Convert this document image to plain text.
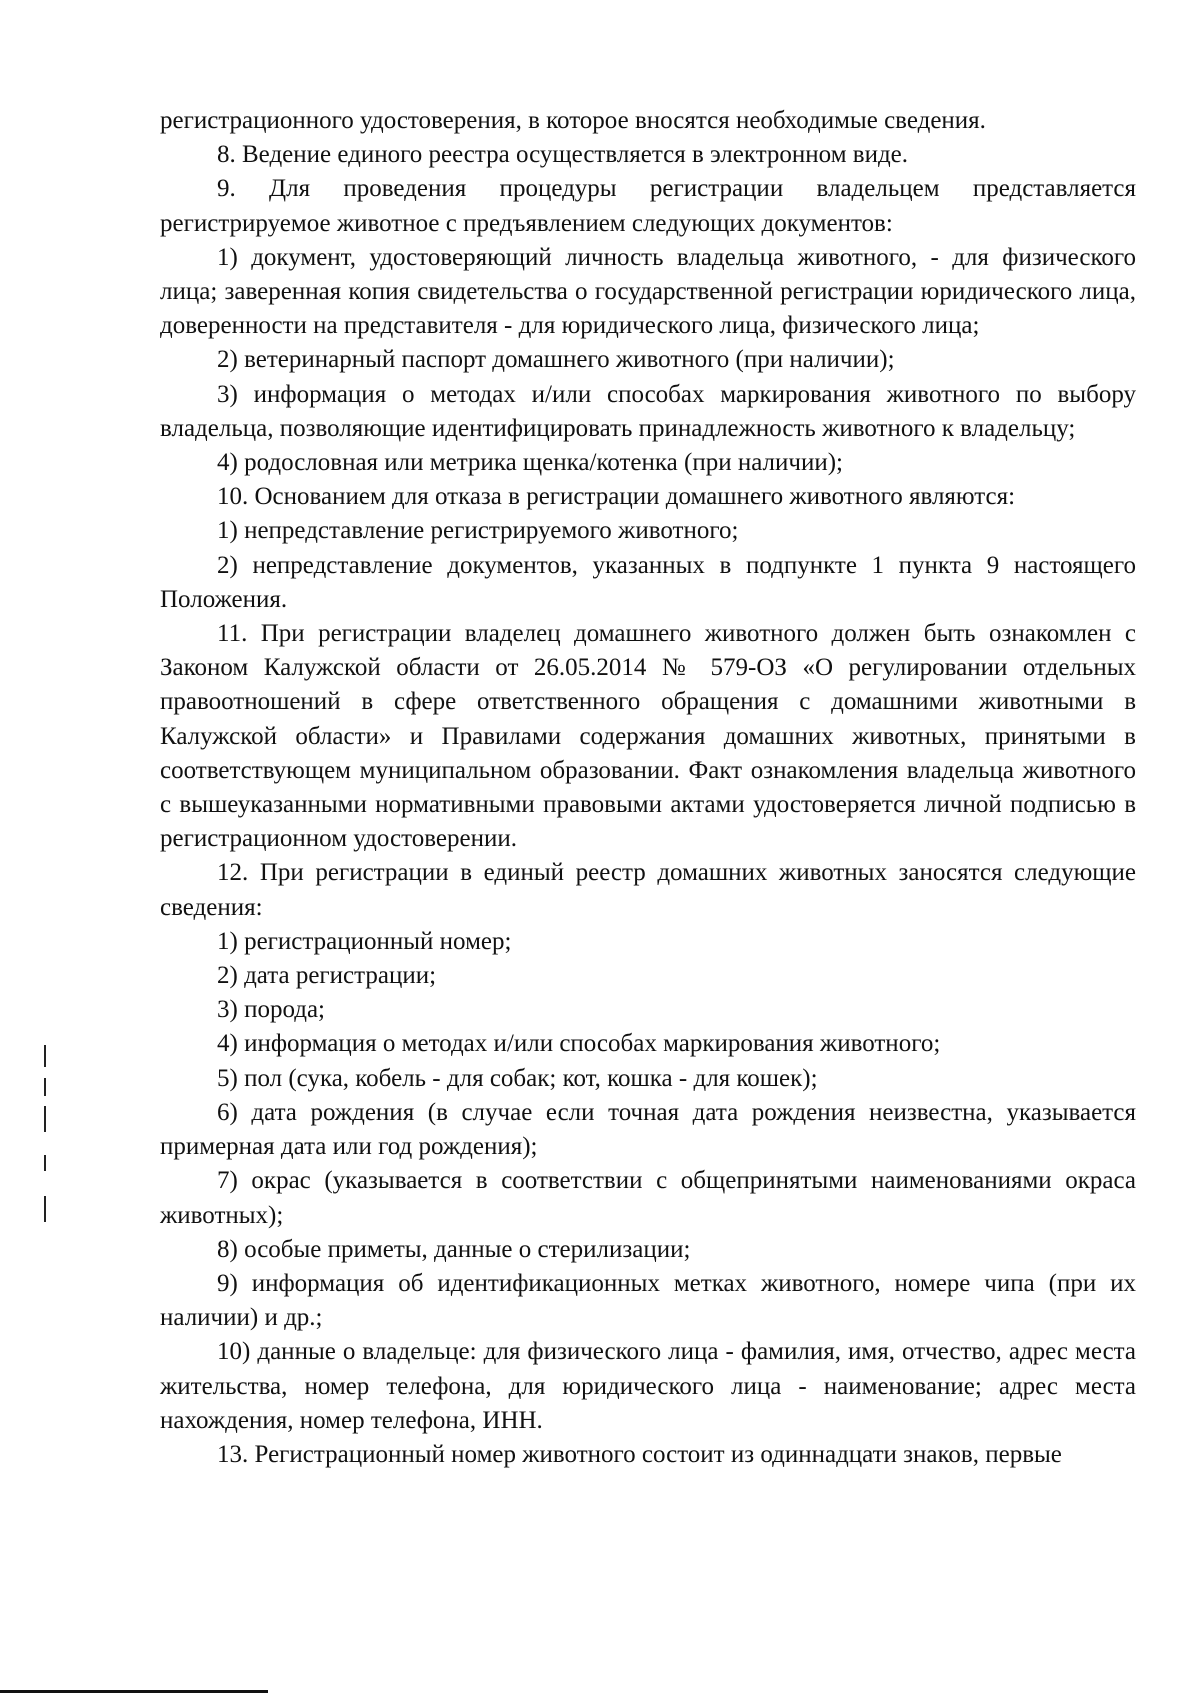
регистрационного удостоверения, в которое вносятся необходимые сведения.

8. Ведение единого реестра осуществляется в электронном виде.

9. Для проведения процедуры регистрации владельцем представляется регистрируемое животное с предъявлением следующих документов:

1) документ, удостоверяющий личность владельца животного, - для физического лица; заверенная копия свидетельства о государственной регистрации юридического лица, доверенности на представителя - для юридического лица, физического лица;

2) ветеринарный паспорт домашнего животного (при наличии);

3) информация о методах и/или способах маркирования животного по выбору владельца, позволяющие идентифицировать принадлежность животного к владельцу;

4) родословная или метрика щенка/котенка (при наличии);

10. Основанием для отказа в регистрации домашнего животного являются:

1) непредставление регистрируемого животного;

2) непредставление документов, указанных в подпункте 1 пункта 9 настоящего Положения.

11. При регистрации владелец домашнего животного должен быть ознакомлен с Законом Калужской области от 26.05.2014 № 579-ОЗ «О регулировании отдельных правоотношений в сфере ответственного обращения с домашними животными в Калужской области» и Правилами содержания домашних животных, принятыми в соответствующем муниципальном образовании. Факт ознакомления владельца животного с вышеуказанными нормативными правовыми актами удостоверяется личной подписью в регистрационном удостоверении.

12. При регистрации в единый реестр домашних животных заносятся следующие сведения:

1) регистрационный номер;

2) дата регистрации;

3) порода;

4) информация о методах и/или способах маркирования животного;

5) пол (сука, кобель - для собак; кот, кошка - для кошек);

6) дата рождения (в случае если точная дата рождения неизвестна, указывается примерная дата или год рождения);

7) окрас (указывается в соответствии с общепринятыми наименованиями окраса животных);

8) особые приметы, данные о стерилизации;

9) информация об идентификационных метках животного, номере чипа (при их наличии) и др.;

10) данные о владельце: для физического лица - фамилия, имя, отчество, адрес места жительства, номер телефона, для юридического лица - наименование; адрес места нахождения, номер телефона, ИНН.

13. Регистрационный номер животного состоит из одиннадцати знаков, первые
